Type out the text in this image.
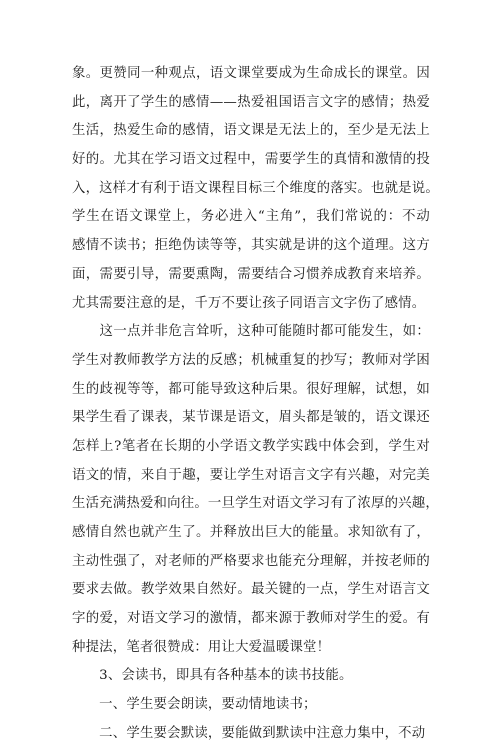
象。更赞同一种观点，语文课堂要成为生命成长的课堂。因
此，离开了学生的感情——热爱祖国语言文字的感情；热爱
生活，热爱生命的感情，语文课是无法上的，至少是无法上
好的。尤其在学习语文过程中，需要学生的真情和激情的投
入，这样才有利于语文课程目标三个维度的落实。也就是说。
学生在语文课堂上，务必进入“主角”，我们常说的：不动
感情不读书；拒绝伪读等等，其实就是讲的这个道理。这方
面，需要引导，需要熏陶，需要结合习惯养成教育来培养。
尤其需要注意的是，千万不要让孩子同语言文字伤了感情。
　　这一点并非危言耸听，这种可能随时都可能发生，如：
学生对教师教学方法的反感；机械重复的抄写；教师对学困
生的歧视等等，都可能导致这种后果。很好理解，试想，如
果学生看了课表，某节课是语文，眉头都是皱的，语文课还
怎样上?笔者在长期的小学语文教学实践中体会到，学生对
语文的情，来自于趣，要让学生对语言文字有兴趣，对完美
生活充满热爱和向往。一旦学生对语文学习有了浓厚的兴趣，
感情自然也就产生了。并释放出巨大的能量。求知欲有了，
主动性强了，对老师的严格要求也能充分理解，并按老师的
要求去做。教学效果自然好。最关键的一点，学生对语言文
字的爱，对语文学习的激情，都来源于教师对学生的爱。有
种提法，笔者很赞成：用让大爱温暖课堂！
　　3、会读书，即具有各种基本的读书技能。
　　一、学生要会朗读，要动情地读书；
　　二、学生要会默读，要能做到默读中注意力集中，不动
